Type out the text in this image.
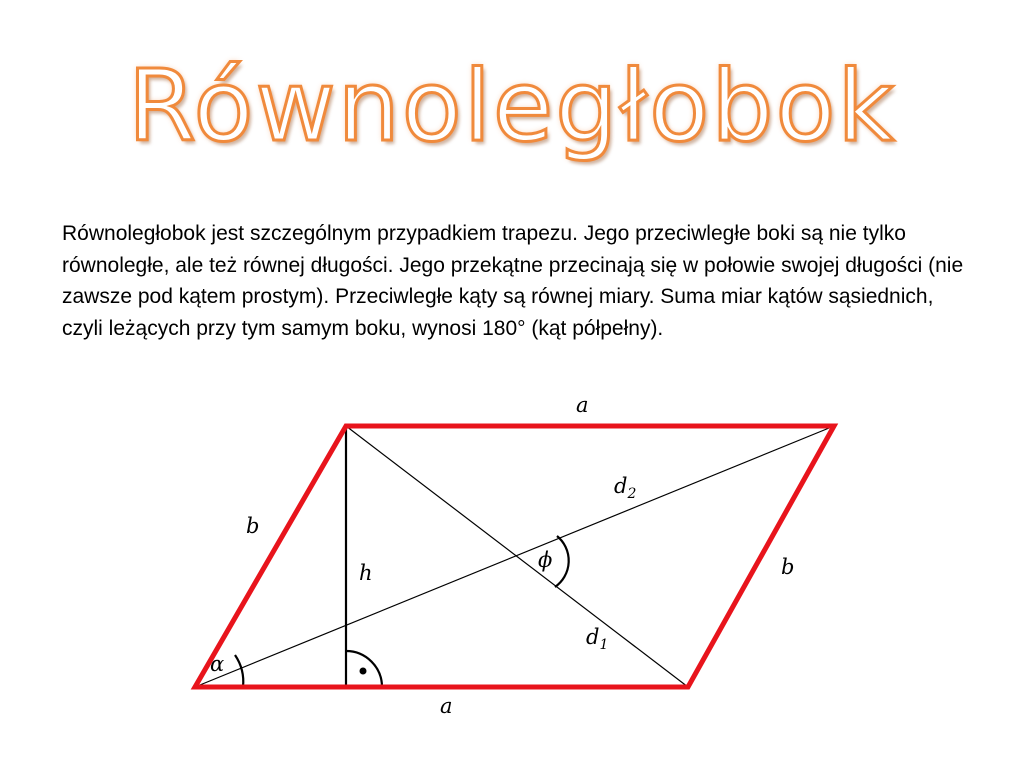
Równoległobok

Równoległobok jest szczególnym przypadkiem trapezu. Jego przeciwległe boki są nie tylko równoległe, ale też równej długości. Jego przekątne przecinają się w połowie swojej długości (nie zawsze pod kątem prostym). Przeciwległe kąty są równej miary. Suma miar kątów sąsiednich, czyli leżących przy tym samym boku, wynosi 180° (kąt półpełny).

a
a
b
b
h
$d_2$
$d_1$
α
ϕ
